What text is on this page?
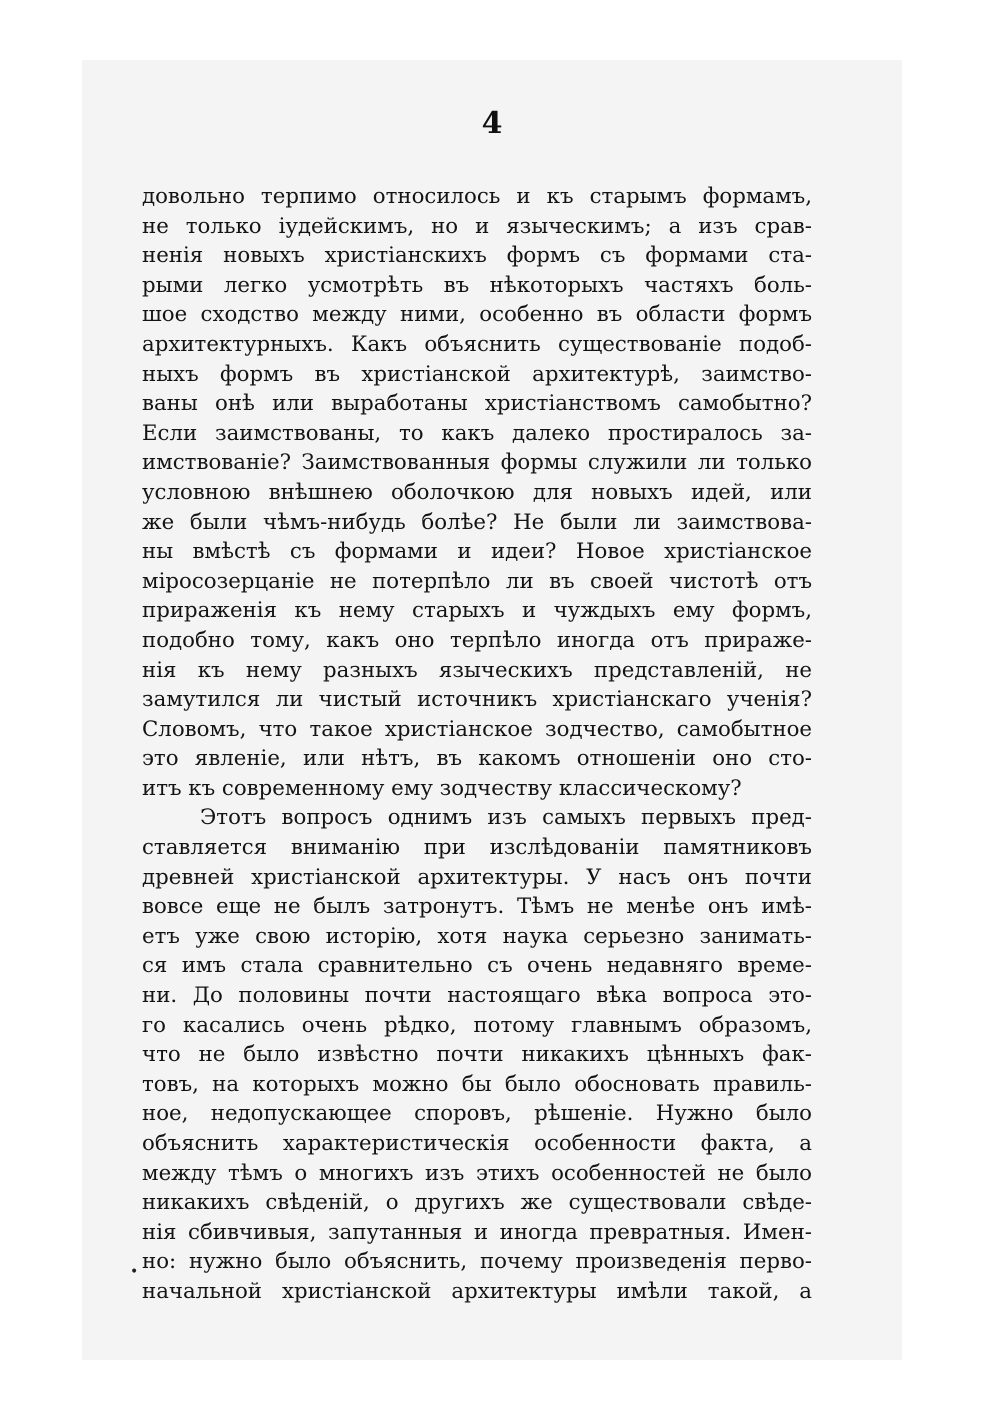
4
довольно терпимо относилось и къ старымъ формамъ,
не только іудейскимъ, но и языческимъ; а изъ срав-
ненія новыхъ христіанскихъ формъ съ формами ста-
рыми легко усмотрѣть въ нѣкоторыхъ частяхъ боль-
шое сходство между ними, особенно въ области формъ
архитектурныхъ. Какъ объяснить существованіе подоб-
ныхъ формъ въ христіанской архитектурѣ, заимство-
ваны онѣ или выработаны христіанствомъ самобытно?
Если заимствованы, то какъ далеко простиралось за-
имствованіе? Заимствованныя формы служили ли только
условною внѣшнею оболочкою для новыхъ идей, или
же были чѣмъ-нибудь болѣе? Не были ли заимствова-
ны вмѣстѣ съ формами и идеи? Новое христіанское
міросозерцаніе не потерпѣло ли въ своей чистотѣ отъ
прираженія къ нему старыхъ и чуждыхъ ему формъ,
подобно тому, какъ оно терпѣло иногда отъ приражe-
нія къ нему разныхъ языческихъ представленій, не
замутился ли чистый источникъ христіанскаго ученія?
Словомъ, что такое христіанское зодчество, самобытное
это явленіе, или нѣтъ, въ какомъ отношеніи оно сто-
итъ къ современному ему зодчеству классическому?
Этотъ вопросъ однимъ изъ самыхъ первыхъ пред-
ставляется вниманію при изслѣдованіи памятниковъ
древней христіанской архитектуры. У насъ онъ почти
вовсе еще не былъ затронутъ. Тѣмъ не менѣе онъ имѣ-
етъ уже свою исторію, хотя наука серьезно занимать-
ся имъ стала сравнительно съ очень недавняго време-
ни. До половины почти настоящаго вѣка вопроса это-
го касались очень рѣдко, потому главнымъ образомъ,
что не было извѣстно почти никакихъ цѣнныхъ фак-
товъ, на которыхъ можно бы было обосновать правиль-
ное, недопускающее споровъ, рѣшеніе. Нужно было
объяснить характеристическія особенности факта, а
между тѣмъ о многихъ изъ этихъ особенностей не было
никакихъ свѣденій, о другихъ же существовали свѣде-
нія сбивчивыя, запутанныя и иногда превратныя. Имен-
но: нужно было объяснить, почему произведенія перво-
начальной христіанской архитектуры имѣли такой, а
•
